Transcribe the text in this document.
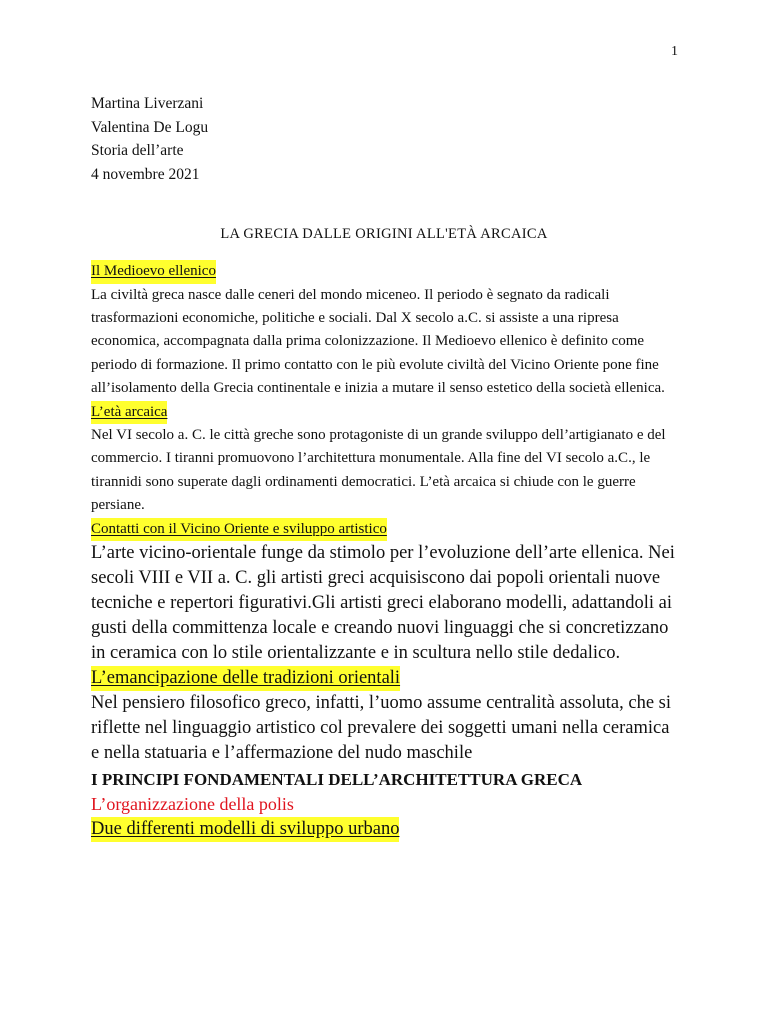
1
Martina Liverzani
Valentina De Logu
Storia dell’arte
4 novembre 2021
LA GRECIA DALLE ORIGINI ALL'ETÀ ARCAICA
Il Medioevo ellenico

La civiltà greca nasce dalle ceneri del mondo miceneo. Il periodo è segnato da radicali trasformazioni economiche, politiche e sociali. Dal X secolo a.C. si assiste a una ripresa economica, accompagnata dalla prima colonizzazione. Il Medioevo ellenico è definito come periodo di formazione. Il primo contatto con le più evolute civiltà del Vicino Oriente pone fine all’isolamento della Grecia continentale e inizia a mutare il senso estetico della società ellenica.

L’età arcaica

Nel VI secolo a. C. le città greche sono protagoniste di un grande sviluppo dell’artigianato e del commercio. I tiranni promuovono l’architettura monumentale. Alla fine del VI secolo a.C., le tirannidi sono superate dagli ordinamenti democratici. L’età arcaica si chiude con le guerre persiane.

Contatti con il Vicino Oriente e sviluppo artistico

L’arte vicino-orientale funge da stimolo per l’evoluzione dell’arte ellenica. Nei secoli VIII e VII a. C. gli artisti greci acquisiscono dai popoli orientali nuove tecniche e repertori figurativi.Gli artisti greci elaborano modelli, adattandoli ai gusti della committenza locale e creando nuovi linguaggi che si concretizzano in ceramica con lo stile orientalizzante e in scultura nello stile dedalico.

L’emancipazione delle tradizioni orientali

Nel pensiero filosofico greco, infatti, l’uomo assume centralità assoluta, che si riflette nel linguaggio artistico col prevalere dei soggetti umani nella ceramica e nella statuaria e l’affermazione del nudo maschile

I PRINCIPI FONDAMENTALI DELL’ARCHITETTURA GRECA
L’organizzazione della polis
Due differenti modelli di sviluppo urbano
